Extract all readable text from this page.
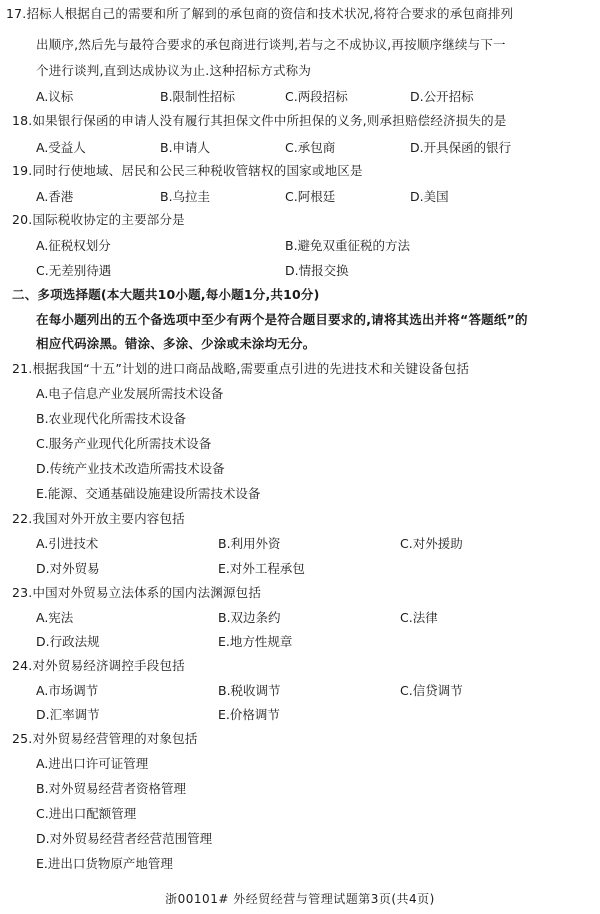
17.招标人根据自己的需要和所了解到的承包商的资信和技术状况,将符合要求的承包商排列
出顺序,然后先与最符合要求的承包商进行谈判,若与之不成协议,再按顺序继续与下一
个进行谈判,直到达成协议为止.这种招标方式称为
A.议标	B.限制性招标	C.两段招标	D.公开招标
18.如果银行保函的申请人没有履行其担保文件中所担保的义务,则承担赔偿经济损失的是
A.受益人	B.申请人	C.承包商	D.开具保函的银行
19.同时行使地域、居民和公民三种税收管辖权的国家或地区是
A.香港	B.乌拉圭	C.阿根廷	D.美国
20.国际税收协定的主要部分是
A.征税权划分	B.避免双重征税的方法
C.无差别待遇	D.情报交换
二、多项选择题(本大题共10小题,每小题1分,共10分)
在每小题列出的五个备选项中至少有两个是符合题目要求的,请将其选出并将“答题纸”的
相应代码涂黑。错涂、多涂、少涂或未涂均无分。
21.根据我国“十五”计划的进口商品战略,需要重点引进的先进技术和关键设备包括
A.电子信息产业发展所需技术设备
B.农业现代化所需技术设备
C.服务产业现代化所需技术设备
D.传统产业技术改造所需技术设备
E.能源、交通基础设施建设所需技术设备
22.我国对外开放主要内容包括
A.引进技术	B.利用外资	C.对外援助
D.对外贸易	E.对外工程承包
23.中国对外贸易立法体系的国内法渊源包括
A.宪法	B.双边条约	C.法律
D.行政法规	E.地方性规章
24.对外贸易经济调控手段包括
A.市场调节	B.税收调节	C.信贷调节
D.汇率调节	E.价格调节
25.对外贸易经营管理的对象包括
A.进出口许可证管理
B.对外贸易经营者资格管理
C.进出口配额管理
D.对外贸易经营者经营范围管理
E.进出口货物原产地管理
浙00101# 外经贸经营与管理试题第3页(共4页)
